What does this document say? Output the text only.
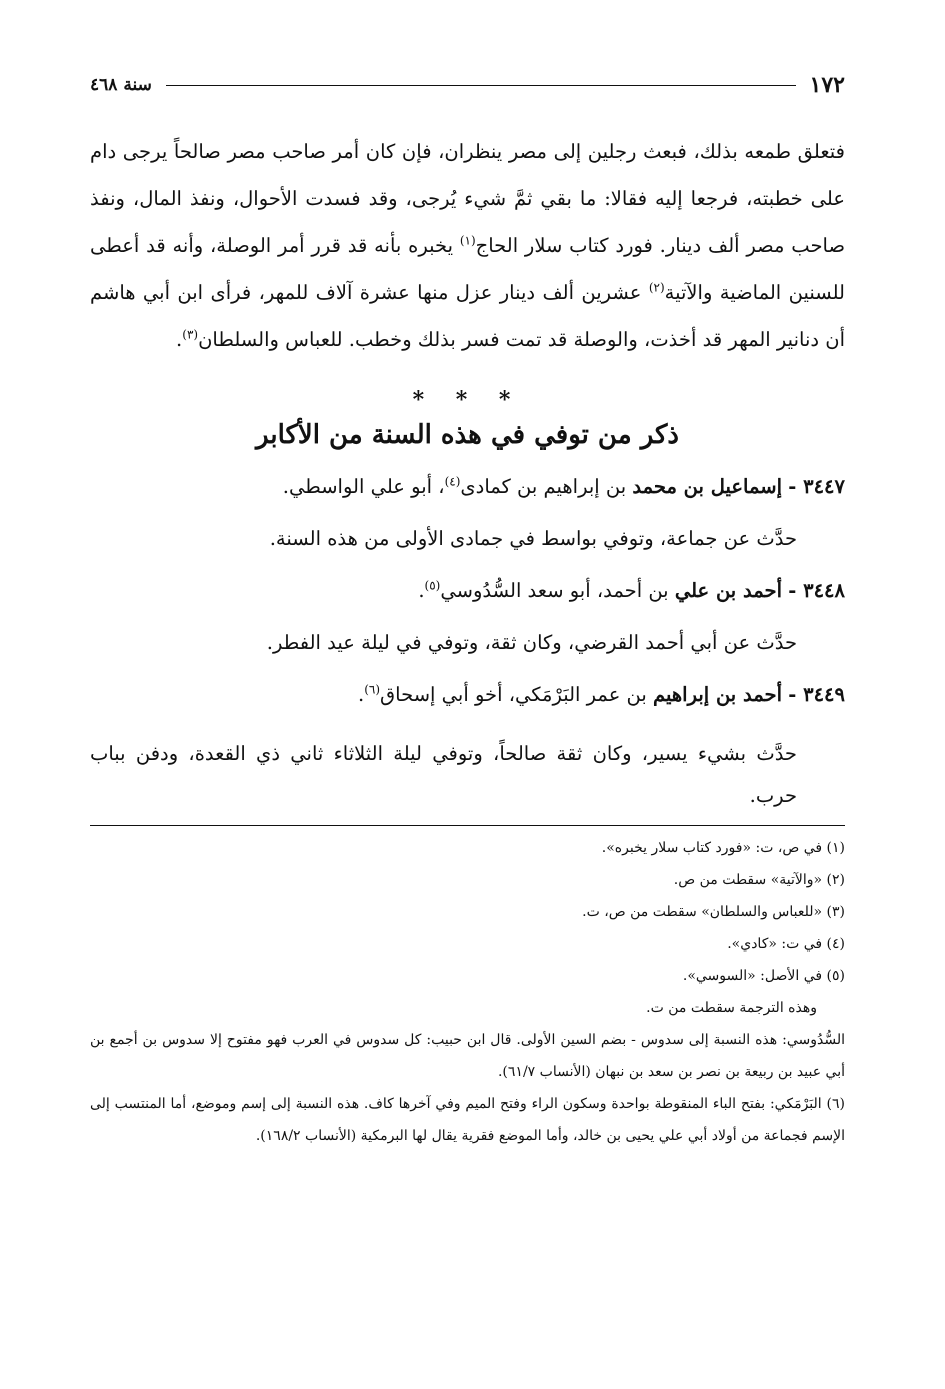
١٧٢
سنة ٤٦٨
فتعلق طمعه بذلك، فبعث رجلين إلى مصر ينظران، فإن كان أمر صاحب مصر صالحاً يرجى دام على خطبته، فرجعا إليه فقالا: ما بقي ثمَّ شيء يُرجى، وقد فسدت الأحوال، ونفذ المال، ونفذ صاحب مصر ألف دينار. فورد كتاب سلار الحاج$^{(١)}$ يخبره بأنه قد قرر أمر الوصلة، وأنه قد أعطى للسنين الماضية والآتية$^{(٢)}$ عشرين ألف دينار عزل منها عشرة آلاف للمهر، فرأى ابن أبي هاشم أن دنانير المهر قد أخذت، والوصلة قد تمت فسر بذلك وخطب. للعباس والسلطان$^{(٣)}$.
* * *
ذكر من توفي في هذه السنة من الأكابر
٣٤٤٧ - إسماعيل بن محمد بن إبراهيم بن كمادى$^{(٤)}$، أبو علي الواسطي.
حدَّث عن جماعة، وتوفي بواسط في جمادى الأولى من هذه السنة.
٣٤٤٨ - أحمد بن علي بن أحمد، أبو سعد السُّدُوسي$^{(٥)}$.
حدَّث عن أبي أحمد القرضي، وكان ثقة، وتوفي في ليلة عيد الفطر.
٣٤٤٩ - أحمد بن إبراهيم بن عمر البَرْمَكي، أخو أبي إسحاق$^{(٦)}$.
حدَّث بشيء يسير، وكان ثقة صالحاً، وتوفي ليلة الثلاثاء ثاني ذي القعدة، ودفن بباب حرب.
(١) في ص، ت: «فورد كتاب سلار يخبره».
(٢) «والآتية» سقطت من ص.
(٣) «للعباس والسلطان» سقطت من ص، ت.
(٤) في ت: «كادي».
(٥) في الأصل: «السوسي».
وهذه الترجمة سقطت من ت.
السُّدُوسي: هذه النسبة إلى سدوس - بضم السين الأولى. قال ابن حبيب: كل سدوس في العرب فهو مفتوح إلا سدوس بن أجمع بن أبي عبيد بن ربيعة بن نصر بن سعد بن نبهان (الأنساب ٦١/٧).
(٦) البَرْمَكي: بفتح الباء المنقوطة بواحدة وسكون الراء وفتح الميم وفي آخرها كاف. هذه النسبة إلى إسم وموضع، أما المنتسب إلى الإسم فجماعة من أولاد أبي علي يحيى بن خالد، وأما الموضع فقرية يقال لها البرمكية (الأنساب ١٦٨/٢).
